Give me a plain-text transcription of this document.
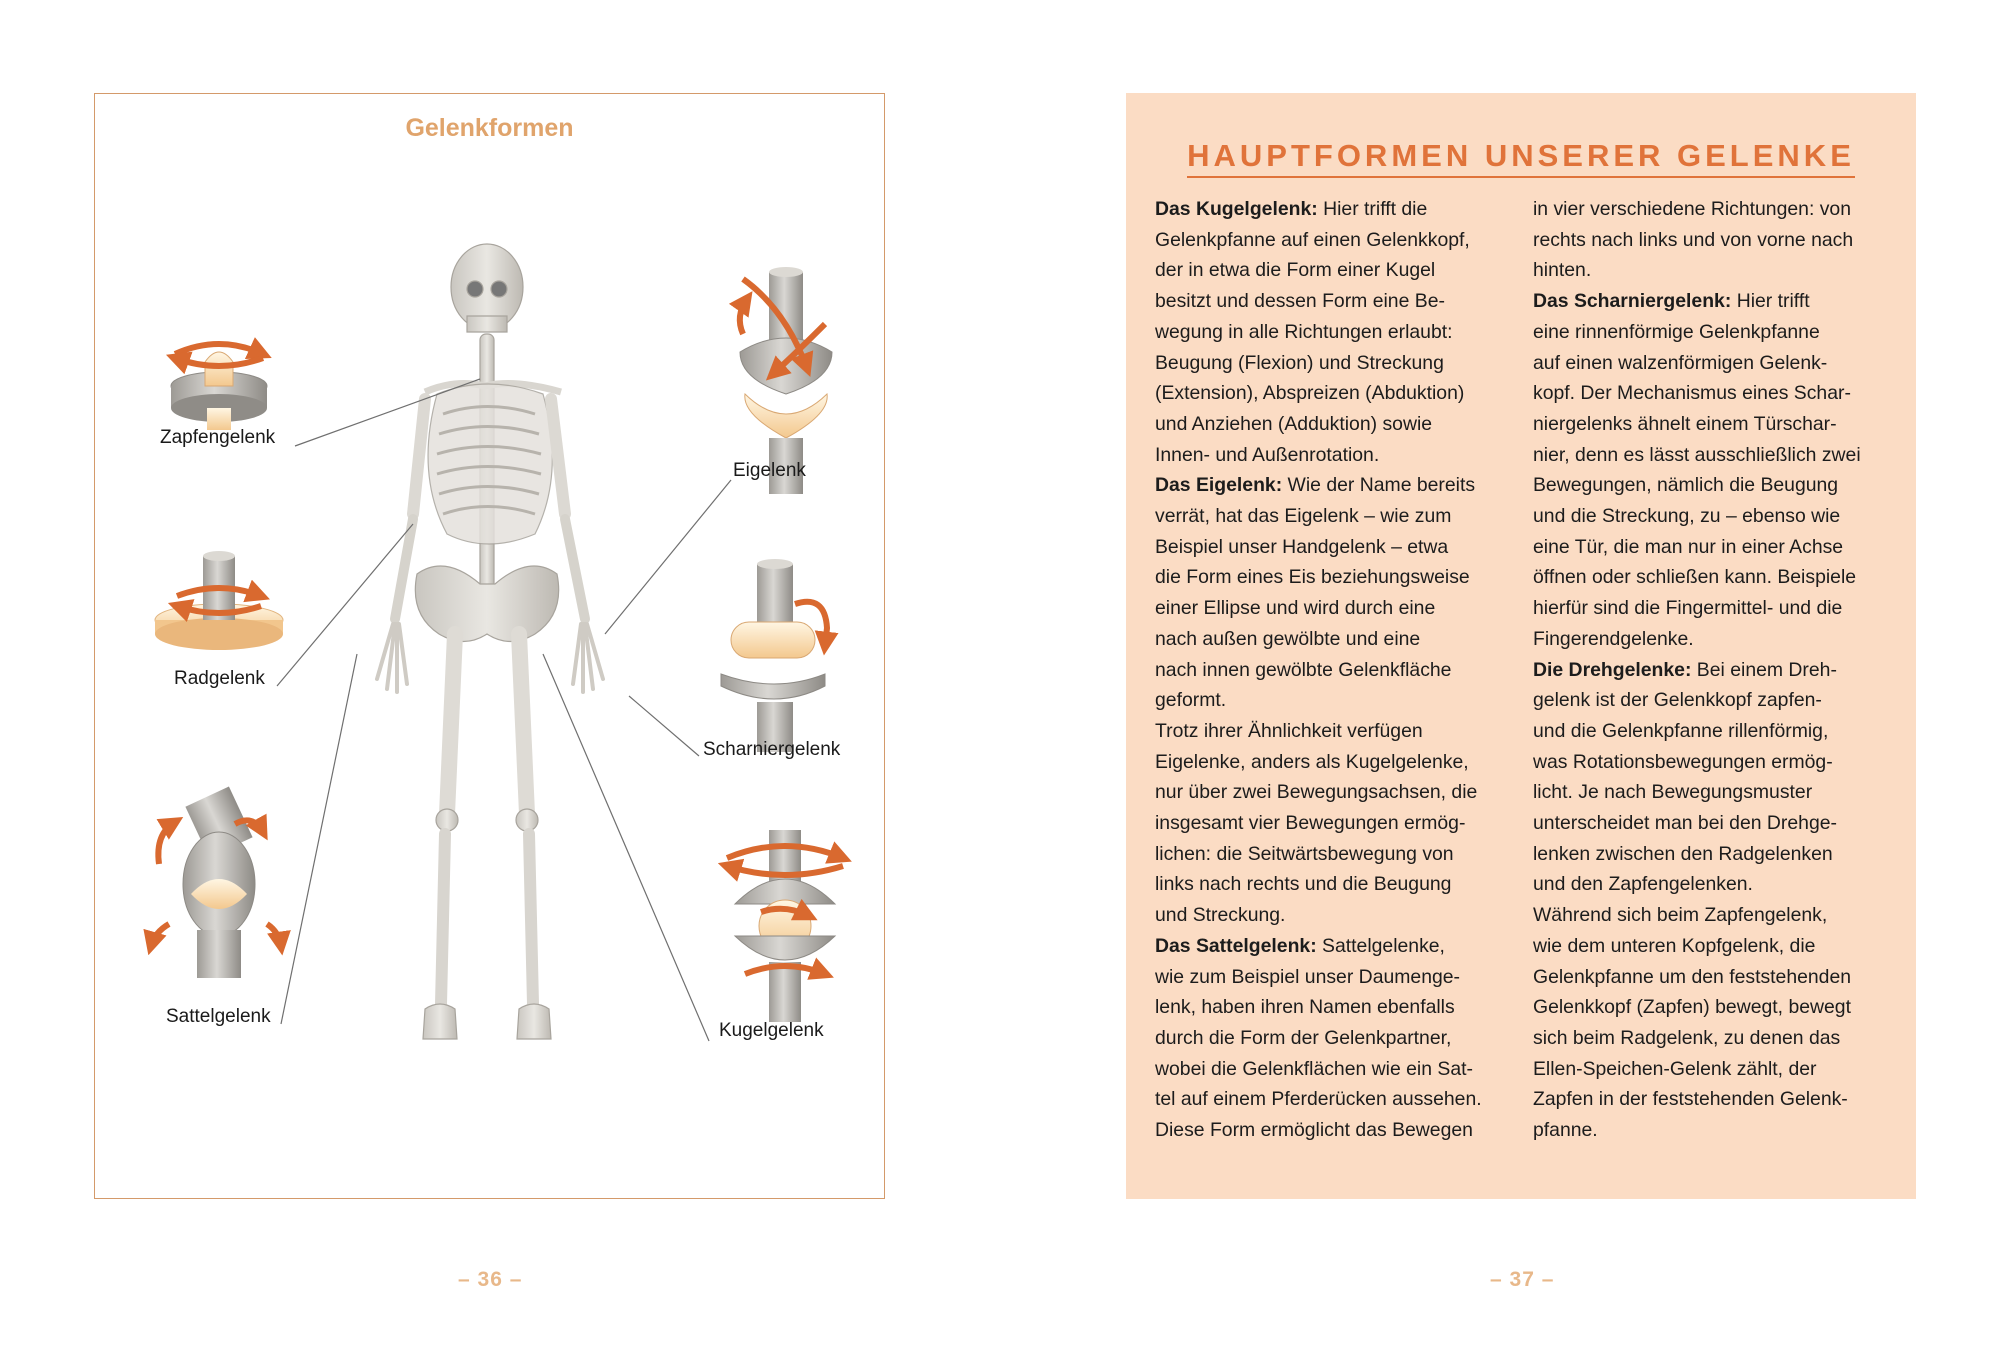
Gelenkformen
Zapfengelenk
Radgelenk
Sattelgelenk
Eigelenk
Scharniergelenk
Kugelgelenk
– 36 –
HAUPTFORMEN UNSERER GELENKE

Das Kugelgelenk: Hier trifft die

Gelenkpfanne auf einen Gelenkkopf,

der in etwa die Form einer Kugel

besitzt und dessen Form eine Be-

wegung in alle Richtungen erlaubt:

Beugung (Flexion) und Streckung

(Extension), Abspreizen (Abduktion)

und Anziehen (Adduktion) sowie

Innen- und Außenrotation.

Das Eigelenk: Wie der Name bereits

verrät, hat das Eigelenk – wie zum

Beispiel unser Handgelenk – etwa

die Form eines Eis beziehungsweise

einer Ellipse und wird durch eine

nach außen gewölbte und eine

nach innen gewölbte Gelenkfläche

geformt.

Trotz ihrer Ähnlichkeit verfügen

Eigelenke, anders als Kugelgelenke,

nur über zwei Bewegungsachsen, die

insgesamt vier Bewegungen ermög-

lichen: die Seitwärtsbewegung von

links nach rechts und die Beugung

und Streckung.

Das Sattelgelenk: Sattelgelenke,

wie zum Beispiel unser Daumenge-

lenk, haben ihren Namen ebenfalls

durch die Form der Gelenkpartner,

wobei die Gelenkflächen wie ein Sat-

tel auf einem Pferderücken aussehen.

Diese Form ermöglicht das Bewegen

in vier verschiedene Richtungen: von

rechts nach links und von vorne nach

hinten.

Das Scharniergelenk: Hier trifft

eine rinnenförmige Gelenkpfanne

auf einen walzenförmigen Gelenk-

kopf. Der Mechanismus eines Schar-

niergelenks ähnelt einem Türschar-

nier, denn es lässt ausschließlich zwei

Bewegungen, nämlich die Beugung

und die Streckung, zu – ebenso wie

eine Tür, die man nur in einer Achse

öffnen oder schließen kann. Beispiele

hierfür sind die Fingermittel- und die

Fingerendgelenke.

Die Drehgelenke: Bei einem Dreh-

gelenk ist der Gelenkkopf zapfen-

und die Gelenkpfanne rillenförmig,

was Rotationsbewegungen ermög-

licht. Je nach Bewegungsmuster

unterscheidet man bei den Drehge-

lenken zwischen den Radgelenken

und den Zapfengelenken.

Während sich beim Zapfengelenk,

wie dem unteren Kopfgelenk, die

Gelenkpfanne um den feststehenden

Gelenkkopf (Zapfen) bewegt, bewegt

sich beim Radgelenk, zu denen das

Ellen-Speichen-Gelenk zählt, der

Zapfen in der feststehenden Gelenk-

pfanne.

– 37 –
